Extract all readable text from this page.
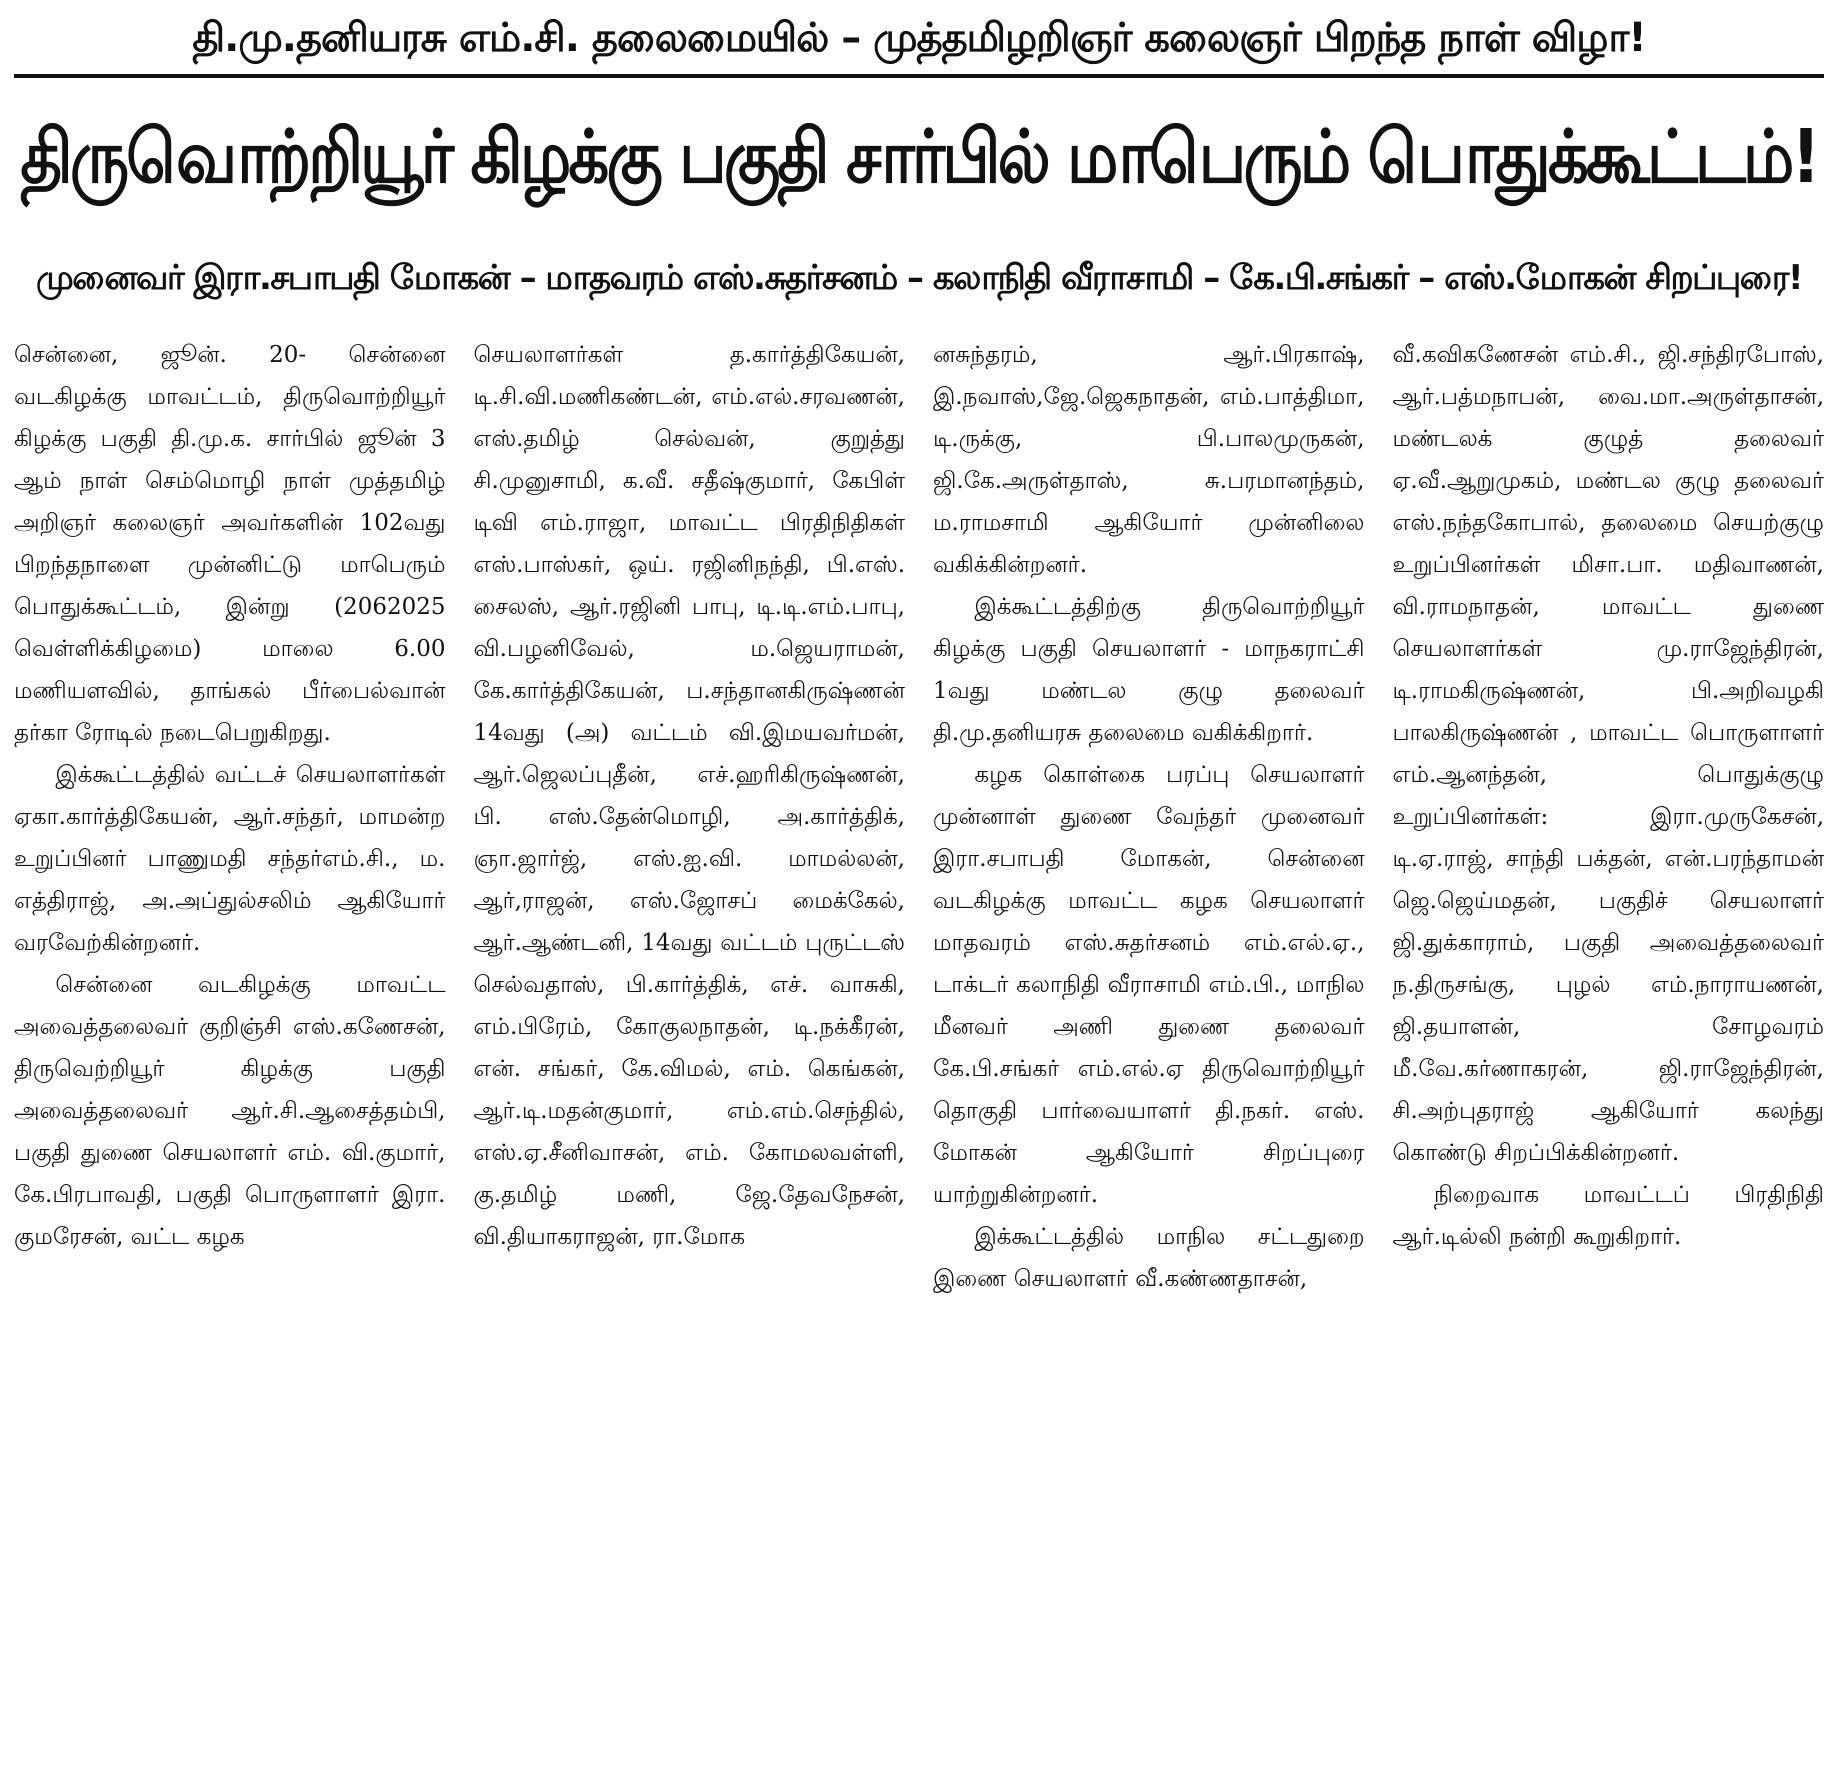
தி.மு.தனியரசு எம்.சி. தலைமையில் – முத்தமிழறிஞர் கலைஞர் பிறந்த நாள் விழா!
திருவொற்றியூர் கிழக்கு பகுதி சார்பில் மாபெரும் பொதுக்கூட்டம்!
முனைவர் இரா.சபாபதி மோகன் – மாதவரம் எஸ்.சுதர்சனம் – கலாநிதி வீராசாமி – கே.பி.சங்கர் – எஸ்.மோகன் சிறப்புரை!

சென்னை, ஜூன். 20- சென்னை வடகிழக்கு மாவட்டம், திருவொற்றியூர் கிழக்கு பகுதி தி.மு.க. சார்பில் ஜூன் 3 ஆம் நாள் செம்மொழி நாள் முத்தமிழ் அறிஞர் கலைஞர் அவர்களின் 102வது பிறந்தநாளை முன்னிட்டு மாபெரும் பொதுக்கூட்டம், இன்று (2062025 வெள்ளிக்கிழமை) மாலை 6.00 மணியளவில், தாங்கல் பீர்பைல்வான் தர்கா ரோடில் நடைபெறுகிறது.

இக்கூட்டத்தில் வட்டச் செயலாளர்கள் ஏகா.கார்த்திகேயன், ஆர்.சந்தர், மாமன்ற உறுப்பினர் பாணுமதி சந்தர்எம்.சி., ம. எத்திராஜ், அ.அப்துல்சலிம் ஆகியோர் வரவேற்கின்றனர்.

சென்னை வடகிழக்கு மாவட்ட அவைத்தலைவர் குறிஞ்சி எஸ்.கணேசன், திருவெற்றியூர் கிழக்கு பகுதி அவைத்தலைவர் ஆர்.சி.ஆசைத்தம்பி, பகுதி துணை செயலாளர் எம். வி.குமார், கே.பிரபாவதி, பகுதி பொருளாளர் இரா. குமரேசன், வட்ட கழக

செயலாளர்கள் த.கார்த்திகேயன், டி.சி.வி.மணிகண்டன், எம்.எல்.சரவணன், எஸ்.தமிழ் செல்வன், குறுத்து சி.முனுசாமி, க.வீ. சதீஷ்குமார், கேபிள் டிவி எம்.ராஜா, மாவட்ட பிரதிநிதிகள் எஸ்.பாஸ்கர், ஒய். ரஜினிநந்தி, பி.எஸ். சைலஸ், ஆர்.ரஜினி பாபு, டி.டி.எம்.பாபு, வி.பழனிவேல், ம.ஜெயராமன், கே.கார்த்திகேயன், ப.சந்தானகிருஷ்ணன் 14வது (அ) வட்டம் வி.இமயவர்மன், ஆர்.ஜெலப்புதீன், எச்.ஹரிகிருஷ்ணன், பி. எஸ்.தேன்மொழி, அ.கார்த்திக், ஞா.ஜார்ஜ், எஸ்.ஐ.வி. மாமல்லன், ஆர்,ராஜன், எஸ்.ஜோசப் மைக்கேல், ஆர்.ஆண்டனி, 14வது வட்டம் புருட்டஸ் செல்வதாஸ், பி.கார்த்திக், எச். வாசுகி, எம்.பிரேம், கோகுலநாதன், டி.நக்கீரன், என். சங்கர், கே.விமல், எம். கெங்கன், ஆர்.டி.மதன்குமார், எம்.எம்.செந்தில், எஸ்.ஏ.சீனிவாசன், எம். கோமலவள்ளி, கு.தமிழ் மணி, ஜே.தேவநேசன், வி.தியாகராஜன், ரா.மோக

னசுந்தரம், ஆர்.பிரகாஷ், இ.நவாஸ்,ஜே.ஜெகநாதன், எம்.பாத்திமா, டி.ருக்கு, பி.பாலமுருகன், ஜி.கே.அருள்தாஸ், சு.பரமானந்தம், ம.ராமசாமி ஆகியோர் முன்னிலை வகிக்கின்றனர்.

இக்கூட்டத்திற்கு திருவொற்றியூர் கிழக்கு பகுதி செயலாளர் - மாநகராட்சி 1வது மண்டல குழு தலைவர் தி.மு.தனியரசு தலைமை வகிக்கிறார்.

கழக கொள்கை பரப்பு செயலாளர் முன்னாள் துணை வேந்தர் முனைவர் இரா.சபாபதி மோகன், சென்னை வடகிழக்கு மாவட்ட கழக செயலாளர் மாதவரம் எஸ்.சுதர்சனம் எம்.எல்.ஏ., டாக்டர் கலாநிதி வீராசாமி எம்.பி., மாநில மீனவர் அணி துணை தலைவர் கே.பி.சங்கர் எம்.எல்.ஏ திருவொற்றியூர் தொகுதி பார்வையாளர் தி.நகர். எஸ். மோகன் ஆகியோர் சிறப்புரை யாற்றுகின்றனர்.

இக்கூட்டத்தில் மாநில சட்டதுறை இணை செயலாளர் வீ.கண்ணதாசன்,

வீ.கவிகணேசன் எம்.சி., ஜி.சந்திரபோஸ், ஆர்.பத்மநாபன், வை.மா.அருள்தாசன், மண்டலக் குழுத் தலைவர் ஏ.வீ.ஆறுமுகம், மண்டல குழு தலைவர் எஸ்.நந்தகோபால், தலைமை செயற்குழு உறுப்பினர்கள் மிசா.பா. மதிவாணன், வி.ராமநாதன், மாவட்ட துணை செயலாளர்கள் மு.ராஜேந்திரன், டி.ராமகிருஷ்ணன், பி.அறிவழகி பாலகிருஷ்ணன் , மாவட்ட பொருளாளர் எம்.ஆனந்தன், பொதுக்குழு உறுப்பினர்கள்: இரா.முருகேசன், டி.ஏ.ராஜ், சாந்தி பக்தன், என்.பரந்தாமன் ஜெ.ஜெய்மதன், பகுதிச் செயலாளர் ஜி.துக்காராம், பகுதி அவைத்தலைவர் ந.திருசங்கு, புழல் எம்.நாராயணன், ஜி.தயாளன், சோழவரம் மீ.வே.கர்ணாகரன், ஜி.ராஜேந்திரன், சி.அற்புதராஜ் ஆகியோர் கலந்து கொண்டு சிறப்பிக்கின்றனர்.

நிறைவாக மாவட்டப் பிரதிநிதி ஆர்.டில்லி நன்றி கூறுகிறார்.
